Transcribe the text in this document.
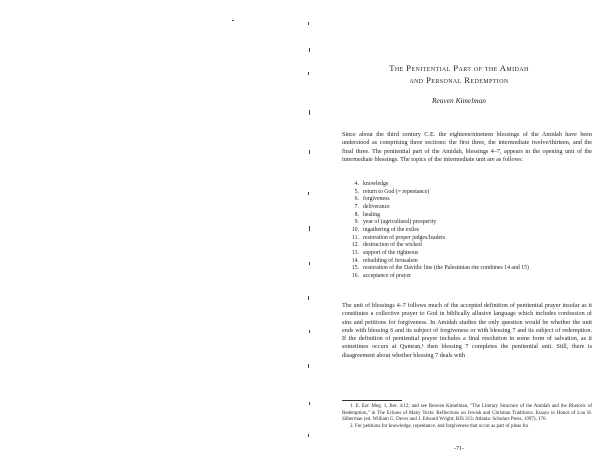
The Penitential Part of the Amidah
and Personal Redemption
Reuven Kimelman

Since about the third century C.E. the eighteen/nineteen blessings of the Amidah have been understood as comprising three sections: the first three, the intermediate twelve/thirteen, and the final three. The penitential part of the Amidah, blessings 4–7, appears in the opening unit of the intermediate blessings. The topics of the intermediate unit are as follows:

4. knowledge
5. return to God (= repentance)
6. forgiveness
7. deliverance
8. healing
9. year of (agricultural) prosperity
10. ingathering of the exiles
11. restoration of proper judges/leaders
12. destruction of the wicked
13. support of the righteous
14. rebuilding of Jerusalem
15. restoration of the Davidic line (the Palestinian rite combines 14 and 15)
16. acceptance of prayer

The unit of blessings 4–7 follows much of the accepted definition of penitential prayer insofar as it constitutes a collective prayer to God in biblically allusive language which includes confession of sins and petitions for forgiveness. In Amidah studies the only question would be whether the unit ends with blessing 6 and its subject of forgiveness or with blessing 7 and its subject of redemption. If the definition of penitential prayer includes a final resolution in some form of salvation, as it sometimes occurs at Qumran,¹ then blessing 7 completes the penitential unit. Still, there is disagreement about whether blessing 7 deals with

1. E. Ezr. Meg. 1, Ber. 4:12; and see Reuven Kimelman, "The Literary Structure of the Amidah and the Rhetoric of Redemption," in The Echoes of Many Texts: Reflections on Jewish and Christian Traditions. Essays in Honor of Lou H. Silberman (ed. William G. Dever and J. Edward Wright; BJS 313; Atlanta: Scholars Press, 1997), 176.

2. For petitions for knowledge, repentance, and forgiveness that occur as part of pleas for

-71-
